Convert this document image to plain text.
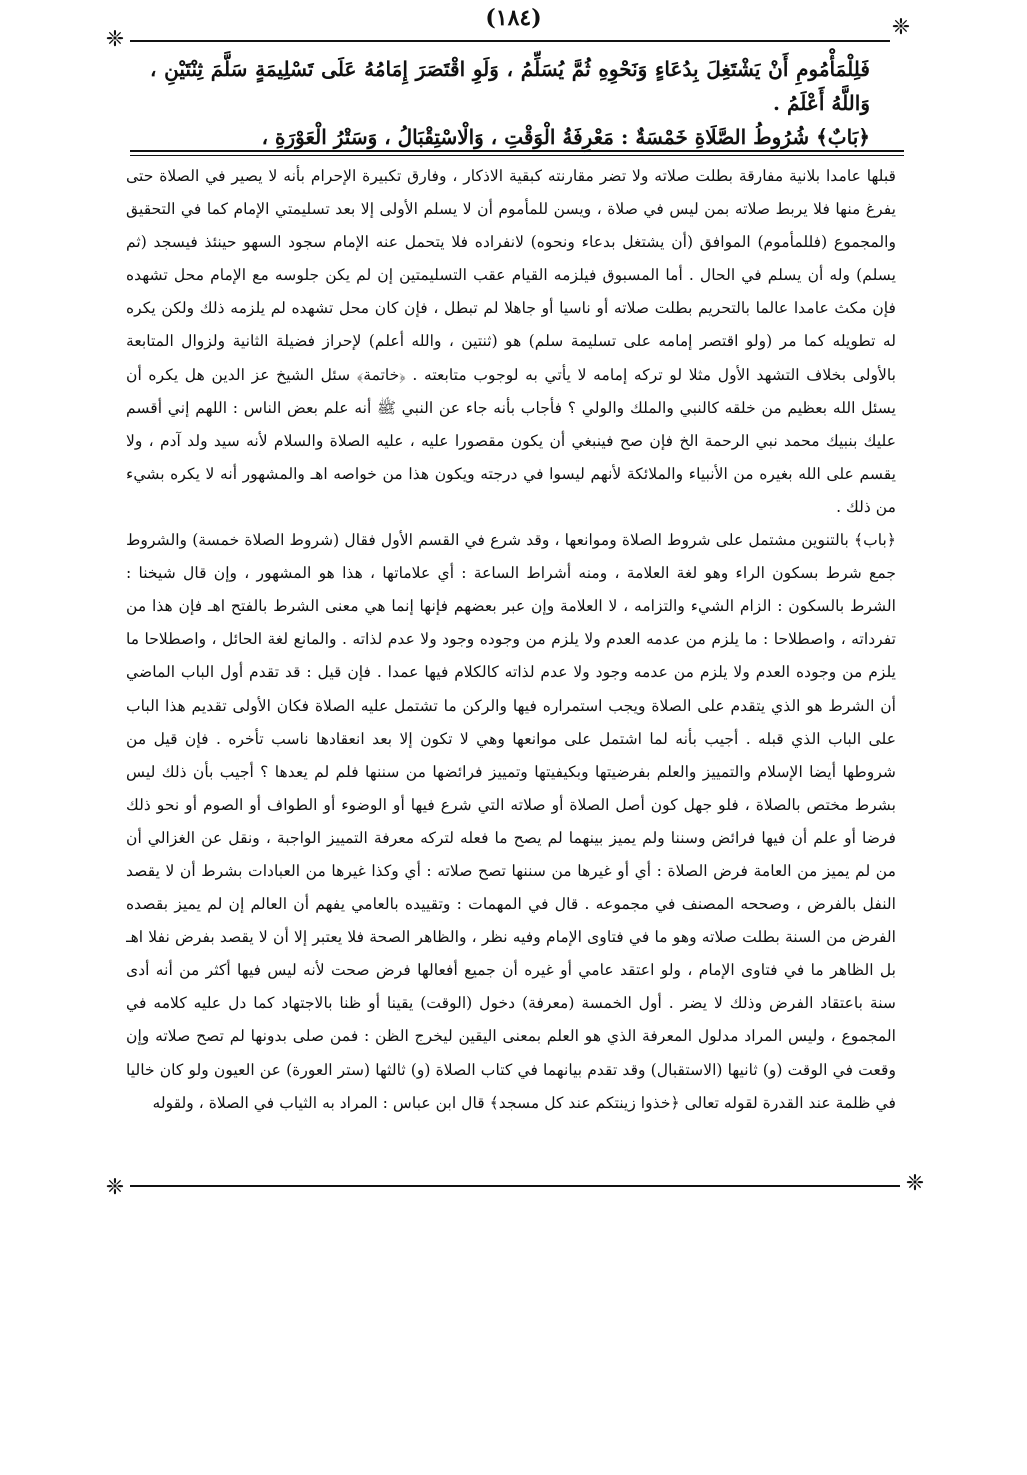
(١٨٤)
❈	❈
❈	❈

فَلِلْمَأْمُومِ أَنْ يَشْتَغِلَ بِدُعَاءٍ وَنَحْوِهِ ثُمَّ يُسَلِّمُ ، وَلَوِ اقْتَصَرَ إِمَامُهُ عَلَى تَسْلِيمَةٍ سَلَّمَ ثِنْتَيْنِ ، وَاللَّهُ أَعْلَمُ .

﴿بَابٌ﴾ شُرُوطُ الصَّلَاةِ خَمْسَةٌ : مَعْرِفَةُ الْوَقْتِ ، وَالْاسْتِقْبَالُ ، وَسَتْرُ الْعَوْرَةِ ،

قبلها عامدا بلانية مفارقة بطلت صلاته ولا تضر مقارنته كبقية الاذكار ، وفارق تكبيرة الإحرام بأنه لا يصير في الصلاة حتى يفرغ منها فلا يربط صلاته بمن ليس في صلاة ، ويسن للمأموم أن لا يسلم الأولى إلا بعد تسليمتي الإمام كما في التحقيق والمجموع (فللمأموم) الموافق (أن يشتغل بدعاء ونحوه) لانفراده فلا يتحمل عنه الإمام سجود السهو حينئذ فيسجد (ثم يسلم) وله أن يسلم في الحال . أما المسبوق فيلزمه القيام عقب التسليمتين إن لم يكن جلوسه مع الإمام محل تشهده فإن مكث عامدا عالما بالتحريم بطلت صلاته أو ناسيا أو جاهلا لم تبطل ، فإن كان محل تشهده لم يلزمه ذلك ولكن يكره له تطويله كما مر (ولو اقتصر إمامه على تسليمة سلم) هو (ثنتين ، والله أعلم) لإحراز فضيلة الثانية ولزوال المتابعة بالأولى بخلاف التشهد الأول مثلا لو تركه إمامه لا يأتي به لوجوب متابعته . ﴿خاتمة﴾ سئل الشيخ عز الدين هل يكره أن يسئل الله بعظيم من خلقه كالنبي والملك والولي ؟ فأجاب بأنه جاء عن النبي ﷺ أنه علم بعض الناس : اللهم إني أقسم عليك بنبيك محمد نبي الرحمة الخ فإن صح فينبغي أن يكون مقصورا عليه ، عليه الصلاة والسلام لأنه سيد ولد آدم ، ولا يقسم على الله بغيره من الأنبياء والملائكة لأنهم ليسوا في درجته ويكون هذا من خواصه اهـ والمشهور أنه لا يكره بشيء من ذلك .

﴿باب﴾ بالتنوين مشتمل على شروط الصلاة وموانعها ، وقد شرع في القسم الأول فقال (شروط الصلاة خمسة) والشروط جمع شرط بسكون الراء وهو لغة العلامة ، ومنه أشراط الساعة : أي علاماتها ، هذا هو المشهور ، وإن قال شيخنا : الشرط بالسكون : الزام الشيء والتزامه ، لا العلامة وإن عبر بعضهم فإنها إنما هي معنى الشرط بالفتح اهـ فإن هذا من تفرداته ، واصطلاحا : ما يلزم من عدمه العدم ولا يلزم من وجوده وجود ولا عدم لذاته . والمانع لغة الحائل ، واصطلاحا ما يلزم من وجوده العدم ولا يلزم من عدمه وجود ولا عدم لذاته كالكلام فيها عمدا . فإن قيل : قد تقدم أول الباب الماضي أن الشرط هو الذي يتقدم على الصلاة ويجب استمراره فيها والركن ما تشتمل عليه الصلاة فكان الأولى تقديم هذا الباب على الباب الذي قبله . أجيب بأنه لما اشتمل على موانعها وهي لا تكون إلا بعد انعقادها ناسب تأخره . فإن قيل من شروطها أيضا الإسلام والتمييز والعلم بفرضيتها وبكيفيتها وتمييز فرائضها من سننها فلم لم يعدها ؟ أجيب بأن ذلك ليس بشرط مختص بالصلاة ، فلو جهل كون أصل الصلاة أو صلاته التي شرع فيها أو الوضوء أو الطواف أو الصوم أو نحو ذلك فرضا أو علم أن فيها فرائض وسننا ولم يميز بينهما لم يصح ما فعله لتركه معرفة التمييز الواجبة ، ونقل عن الغزالي أن من لم يميز من العامة فرض الصلاة : أي أو غيرها من سننها تصح صلاته : أي وكذا غيرها من العبادات بشرط أن لا يقصد النفل بالفرض ، وصححه المصنف في مجموعه . قال في المهمات : وتقييده بالعامي يفهم أن العالم إن لم يميز بقصده الفرض من السنة بطلت صلاته وهو ما في فتاوى الإمام وفيه نظر ، والظاهر الصحة فلا يعتبر إلا أن لا يقصد بفرض نفلا اهـ بل الظاهر ما في فتاوى الإمام ، ولو اعتقد عامي أو غيره أن جميع أفعالها فرض صحت لأنه ليس فيها أكثر من أنه أدى سنة باعتقاد الفرض وذلك لا يضر . أول الخمسة (معرفة) دخول (الوقت) يقينا أو ظنا بالاجتهاد كما دل عليه كلامه في المجموع ، وليس المراد مدلول المعرفة الذي هو العلم بمعنى اليقين ليخرج الظن : فمن صلى بدونها لم تصح صلاته وإن وقعت في الوقت (و) ثانيها (الاستقبال) وقد تقدم بيانهما في كتاب الصلاة (و) ثالثها (ستر العورة) عن العيون ولو كان خاليا في ظلمة عند القدرة لقوله تعالى ﴿خذوا زينتكم عند كل مسجد﴾ قال ابن عباس : المراد به الثياب في الصلاة ، ولقوله
